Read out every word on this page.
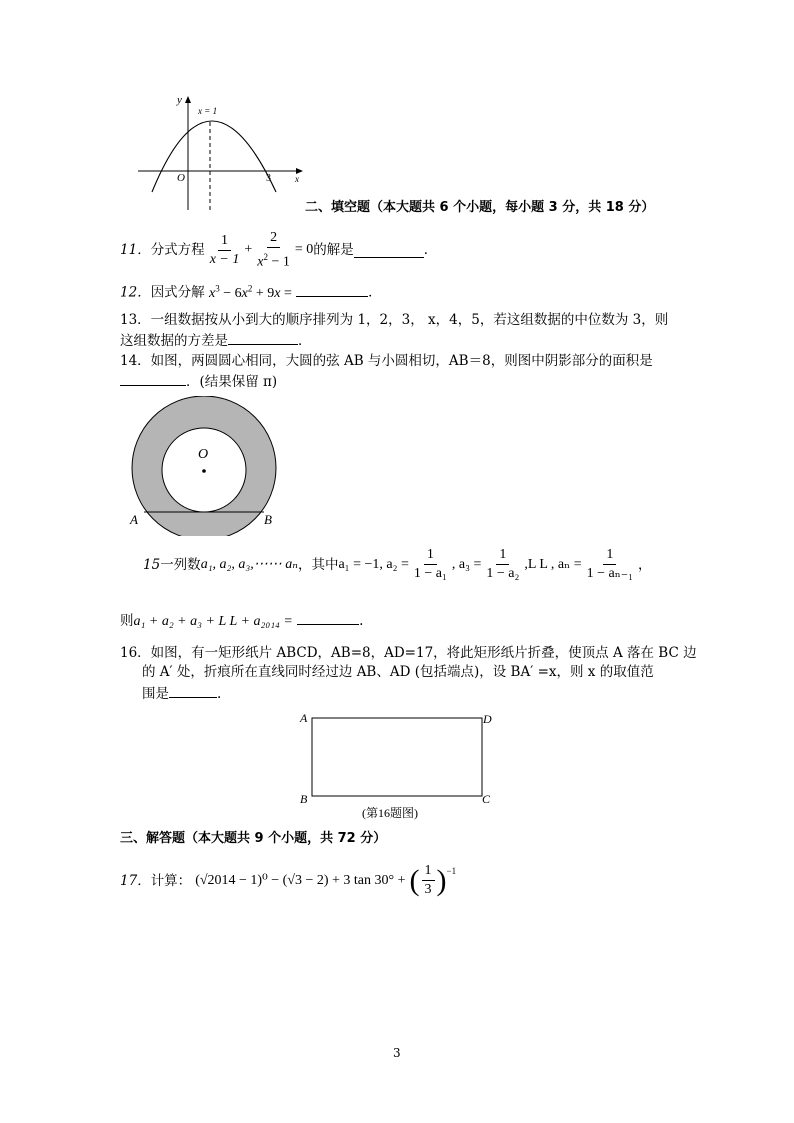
y
x
O
x = 1
3
二、填空题（本大题共 6 个小题，每小题 3 分，共 18 分）
11． 分式方程 $\frac{1}{x - 1} + \frac{2}{x^2 - 1} = 0$ 的解是	．
12．因式分解 $x^3 - 6x^2 + 9x$ =	．
13．一组数据按从小到大的顺序排列为 1，2，3， x，4，5，若这组数据的中位数为 3，则
这组数据的方差是	．
14．如图，两圆圆心相同，大圆的弦 AB 与小圆相切，AB＝8，则图中阴影部分的面积是
．(结果保留 π)
O
A	B
15 一列数 a₁, a₂, a₃,⋯⋯ aₙ ，其中 a₁ = −1, $a_2 = \frac{1}{\text{1 − a₁}}$ , $a_3 = \frac{1}{\text{1 − a₂}} ,L$ L , $a_n = \frac{1}{\text{1 − aₙ₋₁}}$ ，
则a₁ + a₂ + a₃ + L L + a₂₀₁₄ =	.
16．如图，有一矩形纸片 ABCD，AB=8，AD=17，将此矩形纸片折叠，使顶点 A 落在 BC 边
的 A′ 处，折痕所在直线同时经过边 AB、AD (包括端点)，设 BA′ =x，则 x 的取值范
围是	.
A	D
B	C
(第16题图)
三、解答题（本大题共 9 个小题，共 72 分）
17． 计算： (√2014 − 1)⁰ − (√3 − 2) + 3 tan 30° + ( $\frac{1}{3}$ ) −1
3
